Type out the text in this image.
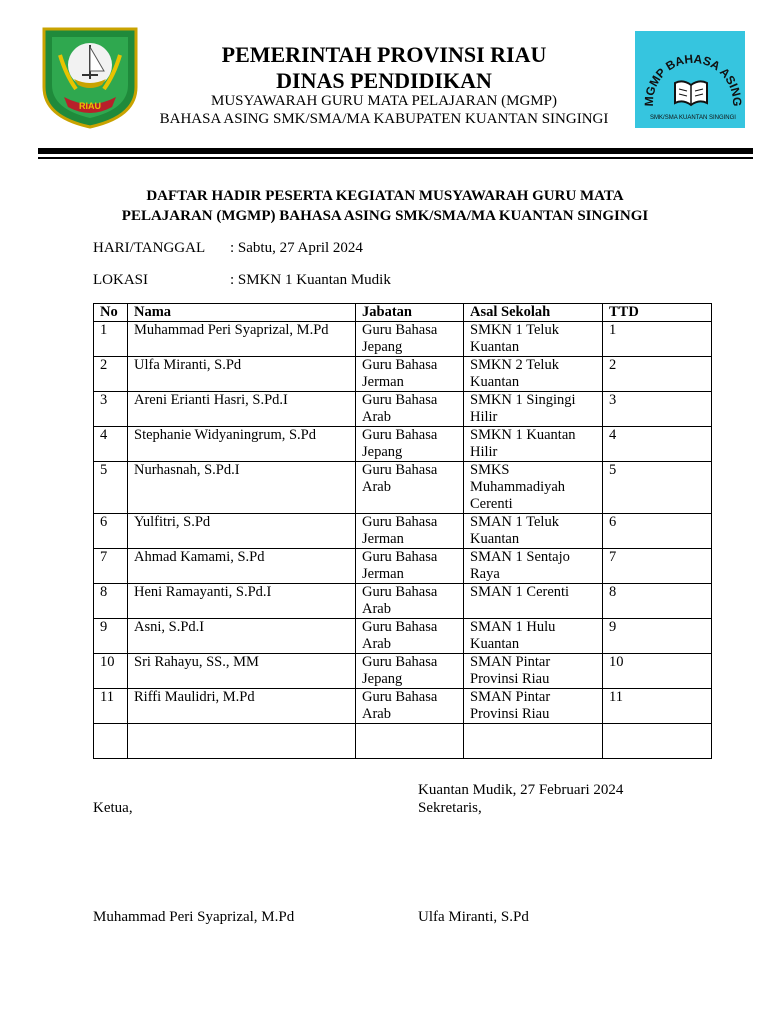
RIAU	MGMP BAHASA ASING
SMK/SMA KUANTAN SINGINGI
PEMERINTAH PROVINSI RIAU
DINAS PENDIDIKAN
MUSYAWARAH GURU MATA PELAJARAN (MGMP)
BAHASA ASING SMK/SMA/MA KABUPATEN KUANTAN SINGINGI
DAFTAR HADIR PESERTA KEGIATAN MUSYAWARAH GURU MATA
PELAJARAN (MGMP) BAHASA ASING SMK/SMA/MA KUANTAN SINGINGI
HARI/TANGGAL : Sabtu, 27 April 2024
LOKASI	: SMKN 1 Kuantan Mudik
No	Nama	Jabatan	Asal Sekolah	TTD
1	Muhammad Peri Syaprizal, M.Pd	Guru Bahasa Jepang	SMKN 1 Teluk Kuantan	1
2	Ulfa Miranti, S.Pd	Guru Bahasa Jerman	SMKN 2 Teluk Kuantan	2
3	Areni Erianti Hasri, S.Pd.I	Guru Bahasa Arab	SMKN 1 Singingi Hilir	3
4	Stephanie Widyaningrum, S.Pd	Guru Bahasa Jepang	SMKN 1 Kuantan Hilir	4
5	Nurhasnah, S.Pd.I	Guru Bahasa Arab	SMKS Muhammadiyah Cerenti	5
6	Yulfitri, S.Pd	Guru Bahasa Jerman	SMAN 1 Teluk Kuantan	6
7	Ahmad Kamami, S.Pd	Guru Bahasa Jerman	SMAN 1 Sentajo Raya	7
8	Heni Ramayanti, S.Pd.I	Guru Bahasa Arab	SMAN 1 Cerenti	8
9	Asni, S.Pd.I	Guru Bahasa Arab	SMAN 1 Hulu Kuantan	9
10	Sri Rahayu, SS., MM	Guru Bahasa Jepang	SMAN Pintar Provinsi Riau	10
11	Riffi Maulidri, M.Pd	Guru Bahasa Arab	SMAN Pintar Provinsi Riau	11

Kuantan Mudik, 27 Februari 2024
Ketua,	Sekretaris,
Muhammad Peri Syaprizal, M.Pd	Ulfa Miranti, S.Pd
